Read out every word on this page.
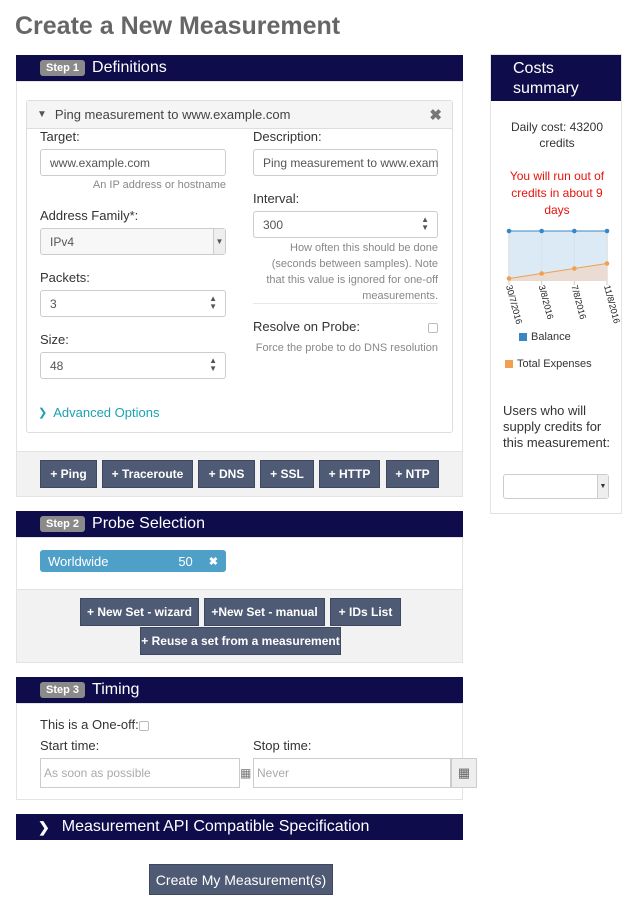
Create a New Measurement
Step 1 Definitions
▼ Ping measurement to www.example.com	✖
Target:
www.example.com
An IP address or hostname
Address Family*:
IPv4	▼
Packets:
3	▲
▼
Size:
48	▲
▼
❯ Advanced Options
Description:
Ping measurement to www.exam
Interval:
300	▲
▼
How often this should be done (seconds between samples). Note that this value is ignored for one-off measurements.
Resolve on Probe:
Force the probe to do DNS resolution
+ Ping	+ Traceroute	+ DNS	+ SSL	+ HTTP	+ NTP
Step 2 Probe Selection
Worldwide	50 ✖
+ New Set - wizard	+New Set - manual	+ IDs List
+ Reuse a set from a measurement
Step 3 Timing
This is a One-off:
Start time:
As soon as possible	▦
Stop time:
Never	▦
❯ Measurement API Compatible Specification
Create My Measurement(s)
Costs summary
Daily cost: 43200 credits
You will run out of credits in about 9 days
30/7/2016 3/8/2016 7/8/2016 11/8/2016
Balance
Total Expenses
Users who will supply credits for this measurement:
▼
